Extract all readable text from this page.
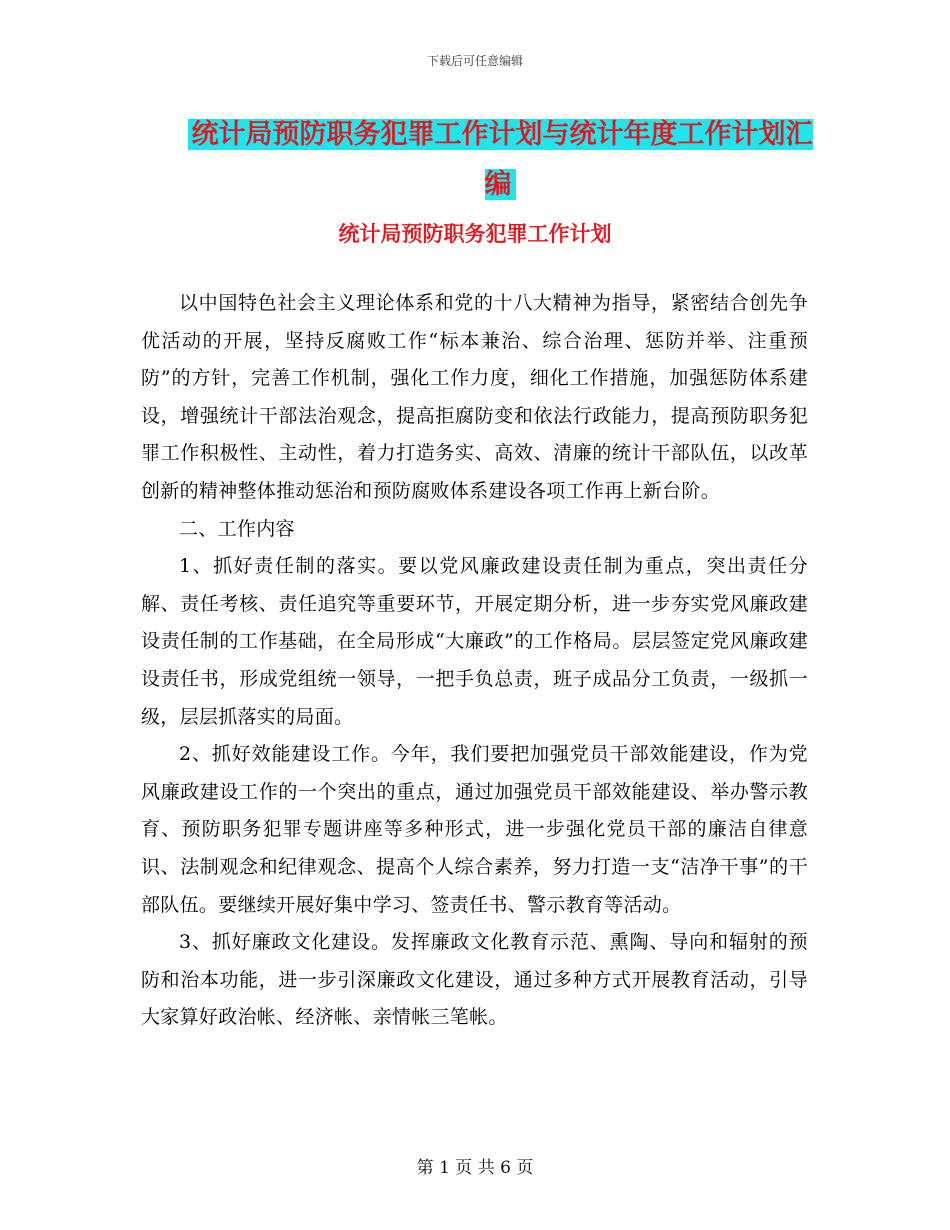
下载后可任意编辑
统计局预防职务犯罪工作计划与统计年度工作计划汇编
统计局预防职务犯罪工作计划

以中国特色社会主义理论体系和党的十八大精神为指导，紧密结合创先争优活动的开展，坚持反腐败工作“标本兼治、综合治理、惩防并举、注重预防”的方针，完善工作机制，强化工作力度，细化工作措施，加强惩防体系建设，增强统计干部法治观念，提高拒腐防变和依法行政能力，提高预防职务犯罪工作积极性、主动性，着力打造务实、高效、清廉的统计干部队伍，以改革创新的精神整体推动惩治和预防腐败体系建设各项工作再上新台阶。

二、工作内容

1、抓好责任制的落实。要以党风廉政建设责任制为重点，突出责任分解、责任考核、责任追究等重要环节，开展定期分析，进一步夯实党风廉政建设责任制的工作基础，在全局形成“大廉政”的工作格局。层层签定党风廉政建设责任书，形成党组统一领导，一把手负总责，班子成品分工负责，一级抓一级，层层抓落实的局面。

2、抓好效能建设工作。今年，我们要把加强党员干部效能建设，作为党风廉政建设工作的一个突出的重点，通过加强党员干部效能建设、举办警示教育、预防职务犯罪专题讲座等多种形式，进一步强化党员干部的廉洁自律意识、法制观念和纪律观念、提高个人综合素养，努力打造一支“洁净干事”的干部队伍。要继续开展好集中学习、签责任书、警示教育等活动。

3、抓好廉政文化建设。发挥廉政文化教育示范、熏陶、导向和辐射的预防和治本功能，进一步引深廉政文化建设，通过多种方式开展教育活动，引导大家算好政治帐、经济帐、亲情帐三笔帐。

第 1 页 共 6 页
